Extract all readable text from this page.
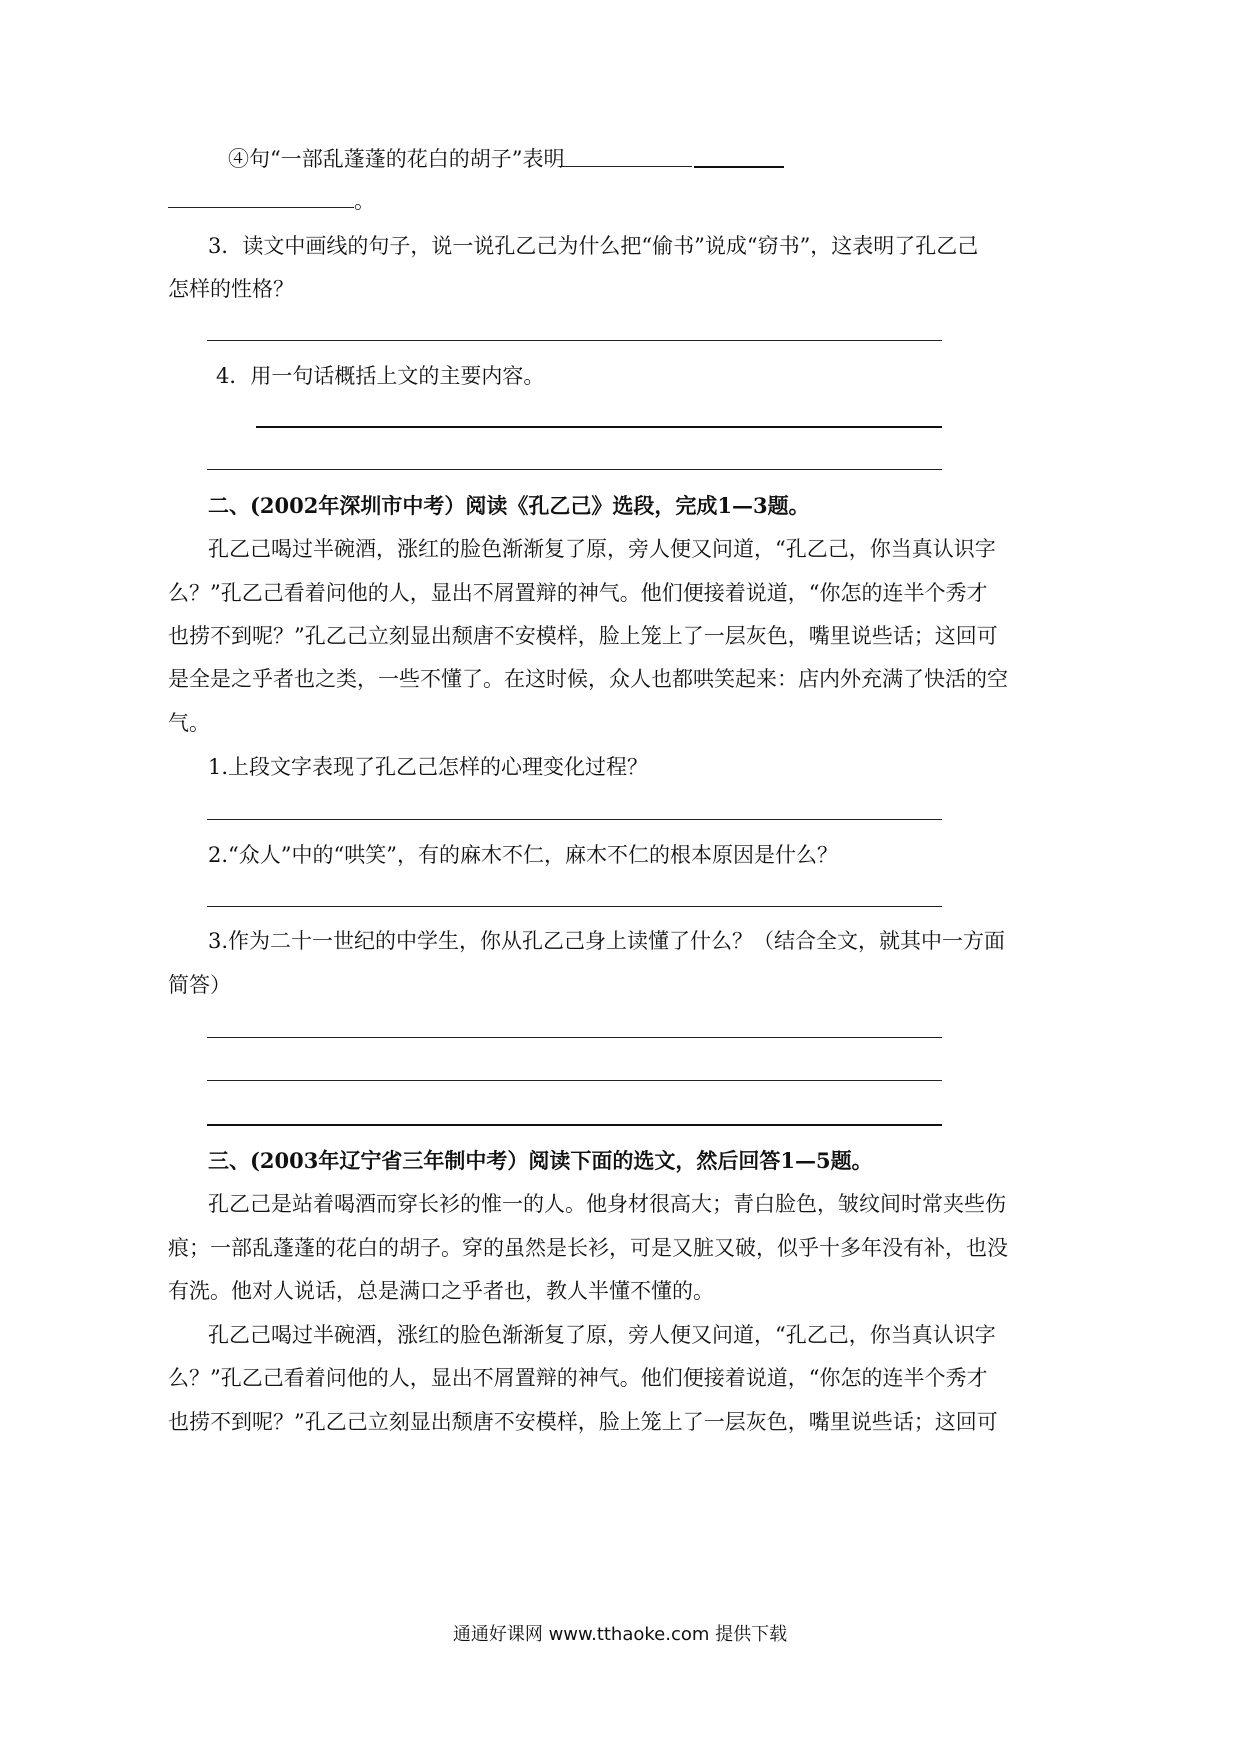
④句“一部乱蓬蓬的花白的胡子”表明
。
3．读文中画线的句子，说一说孔乙己为什么把“偷书”说成“窃书”，这表明了孔乙己
怎样的性格？
4．用一句话概括上文的主要内容。
二、(2002年深圳市中考）阅读《孔乙己》选段，完成1—3题。
孔乙己喝过半碗酒，涨红的脸色渐渐复了原，旁人便又问道，“孔乙己，你当真认识字
么？”孔乙己看着问他的人，显出不屑置辩的神气。他们便接着说道，“你怎的连半个秀才
也捞不到呢？”孔乙己立刻显出颓唐不安模样，脸上笼上了一层灰色，嘴里说些话；这回可
是全是之乎者也之类，一些不懂了。在这时候，众人也都哄笑起来：店内外充满了快活的空
气。
1.上段文字表现了孔乙己怎样的心理变化过程？
2.“众人”中的“哄笑”，有的麻木不仁，麻木不仁的根本原因是什么？
3.作为二十一世纪的中学生，你从孔乙己身上读懂了什么？（结合全文，就其中一方面
简答）
三、(2003年辽宁省三年制中考）阅读下面的选文，然后回答1—5题。
孔乙己是站着喝酒而穿长衫的惟一的人。他身材很高大；青白脸色，皱纹间时常夹些伤
痕；一部乱蓬蓬的花白的胡子。穿的虽然是长衫，可是又脏又破，似乎十多年没有补，也没
有洗。他对人说话，总是满口之乎者也，教人半懂不懂的。
孔乙己喝过半碗酒，涨红的脸色渐渐复了原，旁人便又问道，“孔乙己，你当真认识字
么？”孔乙己看着问他的人，显出不屑置辩的神气。他们便接着说道，“你怎的连半个秀才
也捞不到呢？”孔乙己立刻显出颓唐不安模样，脸上笼上了一层灰色，嘴里说些话；这回可
通通好课网 www.tthaoke.com 提供下载
